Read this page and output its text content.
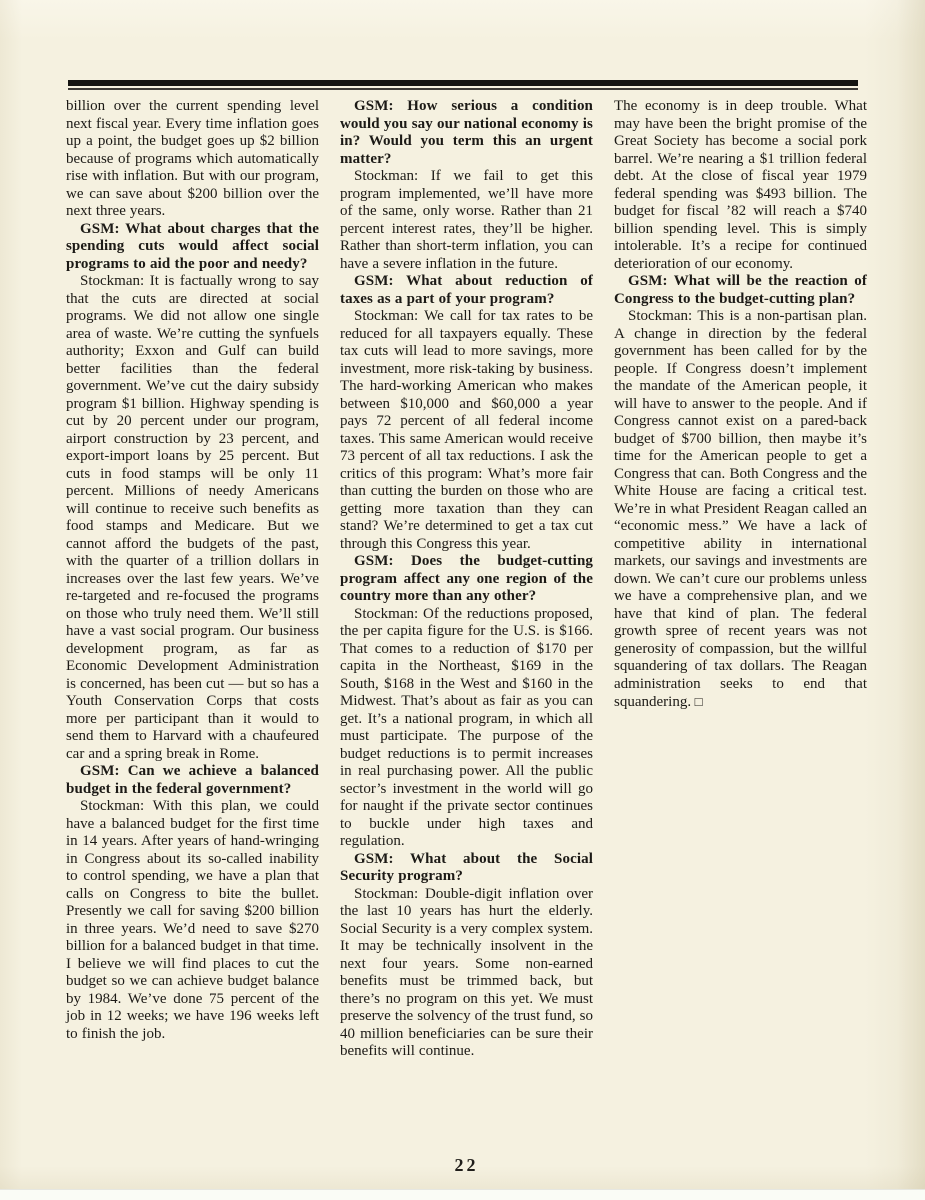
billion over the current spending level next fiscal year. Every time inflation goes up a point, the budget goes up $2 billion because of programs which automatically rise with inflation. But with our program, we can save about $200 billion over the next three years.

GSM: What about charges that the spending cuts would affect social programs to aid the poor and needy?

Stockman: It is factually wrong to say that the cuts are directed at social programs. We did not allow one single area of waste. We’re cutting the synfuels authority; Exxon and Gulf can build better facilities than the federal government. We’ve cut the dairy subsidy program $1 billion. Highway spending is cut by 20 percent under our program, airport construction by 23 percent, and export-import loans by 25 percent. But cuts in food stamps will be only 11 percent. Millions of needy Americans will continue to receive such benefits as food stamps and Medicare. But we cannot afford the budgets of the past, with the quarter of a trillion dollars in increases over the last few years. We’ve re-targeted and re-focused the programs on those who truly need them. We’ll still have a vast social program. Our business development program, as far as Economic Development Administration is concerned, has been cut — but so has a Youth Conservation Corps that costs more per participant than it would to send them to Harvard with a chaufeured car and a spring break in Rome.

GSM: Can we achieve a balanced budget in the federal government?

Stockman: With this plan, we could have a balanced budget for the first time in 14 years. After years of hand-wringing in Congress about its so-called inability to control spending, we have a plan that calls on Congress to bite the bullet. Presently we call for saving $200 billion in three years. We’d need to save $270 billion for a balanced budget in that time. I believe we will find places to cut the budget so we can achieve budget balance by 1984. We’ve done 75 percent of the job in 12 weeks; we have 196 weeks left to finish the job.

GSM: How serious a condition would you say our national economy is in? Would you term this an urgent matter?

Stockman: If we fail to get this program implemented, we’ll have more of the same, only worse. Rather than 21 percent interest rates, they’ll be higher. Rather than short-term inflation, you can have a severe inflation in the future.

GSM: What about reduction of taxes as a part of your program?

Stockman: We call for tax rates to be reduced for all taxpayers equally. These tax cuts will lead to more savings, more investment, more risk-taking by business. The hard-working American who makes between $10,000 and $60,000 a year pays 72 percent of all federal income taxes. This same American would receive 73 percent of all tax reductions. I ask the critics of this program: What’s more fair than cutting the burden on those who are getting more taxation than they can stand? We’re determined to get a tax cut through this Congress this year.

GSM: Does the budget-cutting program affect any one region of the country more than any other?

Stockman: Of the reductions proposed, the per capita figure for the U.S. is $166. That comes to a reduction of $170 per capita in the Northeast, $169 in the South, $168 in the West and $160 in the Midwest. That’s about as fair as you can get. It’s a national program, in which all must participate. The purpose of the budget reductions is to permit increases in real purchasing power. All the public sector’s investment in the world will go for naught if the private sector continues to buckle under high taxes and regulation.

GSM: What about the Social Security program?

Stockman: Double-digit inflation over the last 10 years has hurt the elderly. Social Security is a very complex system. It may be technically insolvent in the next four years. Some non-earned benefits must be trimmed back, but there’s no program on this yet. We must preserve the solvency of the trust fund, so 40 million beneficiaries can be sure their benefits will continue.

The economy is in deep trouble. What may have been the bright promise of the Great Society has become a social pork barrel. We’re nearing a $1 trillion federal debt. At the close of fiscal year 1979 federal spending was $493 billion. The budget for fiscal ’82 will reach a $740 billion spending level. This is simply intolerable. It’s a recipe for continued deterioration of our economy.

GSM: What will be the reaction of Congress to the budget-cutting plan?

Stockman: This is a non-partisan plan. A change in direction by the federal government has been called for by the people. If Congress doesn’t implement the mandate of the American people, it will have to answer to the people. And if Congress cannot exist on a pared-back budget of $700 billion, then maybe it’s time for the American people to get a Congress that can. Both Congress and the White House are facing a critical test. We’re in what President Reagan called an “economic mess.” We have a lack of competitive ability in international markets, our savings and investments are down. We can’t cure our problems unless we have a comprehensive plan, and we have that kind of plan. The federal growth spree of recent years was not generosity of compassion, but the willful squandering of tax dollars. The Reagan administration seeks to end that squandering. □

22
